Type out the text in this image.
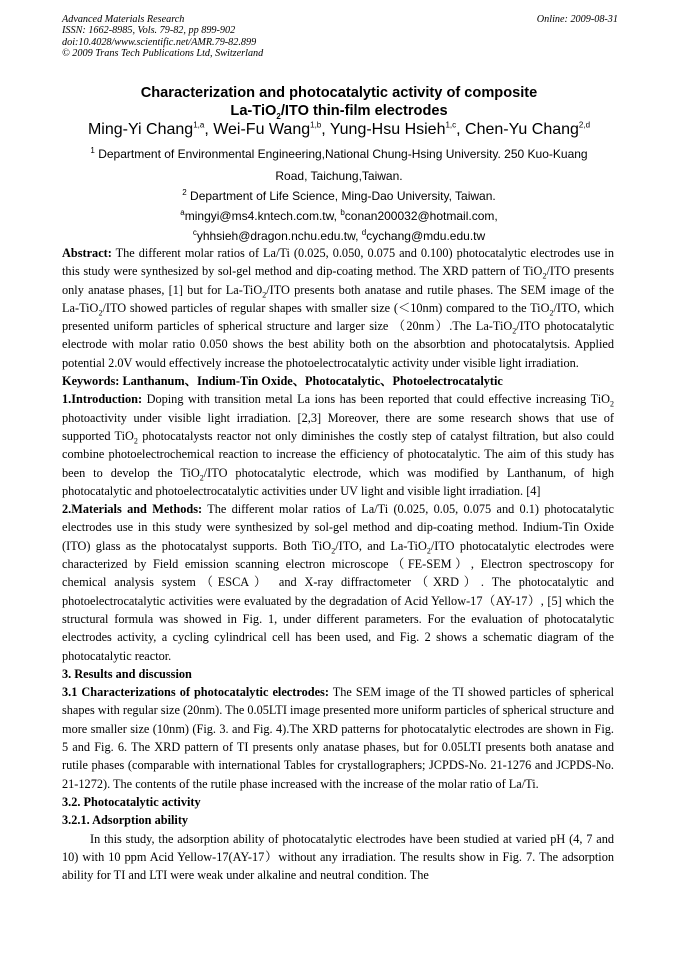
Advanced Materials Research
ISSN: 1662-8985, Vols. 79-82, pp 899-902
doi:10.4028/www.scientific.net/AMR.79-82.899
© 2009 Trans Tech Publications Ltd, Switzerland
Online: 2009-08-31
Characterization and photocatalytic activity of composite
La-TiO$_2$/ITO thin-film electrodes
Ming-Yi Chang$^{1,a}$, Wei-Fu Wang$^{1,b}$, Yung-Hsu Hsieh$^{1,c}$, Chen-Yu Chang$^{2,d}$
$^1$ Department of Environmental Engineering,National Chung-Hsing University. 250 Kuo-Kuang
Road, Taichung,Taiwan.
$^2$ Department of Life Science, Ming-Dao University, Taiwan.
$^a$mingyi@ms4.kntech.com.tw, $^b$conan200032@hotmail.com,
$^c$yhhsieh@dragon.nchu.edu.tw, $^d$cychang@mdu.edu.tw

Abstract: The different molar ratios of La/Ti (0.025, 0.050, 0.075 and 0.100) photocatalytic electrodes use in this study were synthesized by sol-gel method and dip-coating method. The XRD pattern of TiO$_2$/ITO presents only anatase phases, [1] but for La-TiO$_2$/ITO presents both anatase and rutile phases. The SEM image of the La-TiO$_2$/ITO showed particles of regular shapes with smaller size (＜10nm) compared to the TiO$_2$/ITO, which presented uniform particles of spherical structure and larger size （20nm）.The La-TiO$_2$/ITO photocatalytic electrode with molar ratio 0.050 shows the best ability both on the absorbtion and photocatalytsis. Applied potential 2.0V would effectively increase the photoelectrocatalytic activity under visible light irradiation.

Keywords: Lanthanum、Indium-Tin Oxide、Photocatalytic、Photoelectrocatalytic

1.Introduction: Doping with transition metal La ions has been reported that could effective increasing TiO$_2$ photoactivity under visible light irradiation. [2,3] Moreover, there are some research shows that use of supported TiO$_2$ photocatalysts reactor not only diminishes the costly step of catalyst filtration, but also could combine photoelectrochemical reaction to increase the efficiency of photocatalytic. The aim of this study has been to develop the TiO$_2$/ITO photocatalytic electrode, which was modified by Lanthanum, of high photocatalytic and photoelectrocatalytic activities under UV light and visible light irradiation. [4]

2.Materials and Methods: The different molar ratios of La/Ti (0.025, 0.05, 0.075 and 0.1) photocatalytic electrodes use in this study were synthesized by sol-gel method and dip-coating method. Indium-Tin Oxide (ITO) glass as the photocatalyst supports. Both TiO$_2$/ITO, and La-TiO$_2$/ITO photocatalytic electrodes were characterized by Field emission scanning electron microscope（FE-SEM）, Electron spectroscopy for chemical analysis system（ESCA） and X-ray diffractometer（XRD）. The photocatalytic and photoelectrocatalytic activities were evaluated by the degradation of Acid Yellow-17（AY-17）, [5] which the structural formula was showed in Fig. 1, under different parameters. For the evaluation of photocatalytic electrodes activity, a cycling cylindrical cell has been used, and Fig. 2 shows a schematic diagram of the photocatalytic reactor.

3. Results and discussion

3.1 Characterizations of photocatalytic electrodes: The SEM image of the TI showed particles of spherical shapes with regular size (20nm). The 0.05LTI image presented more uniform particles of spherical structure and more smaller size (10nm) (Fig. 3. and Fig. 4).The XRD patterns for photocatalytic electrodes are shown in Fig. 5 and Fig. 6. The XRD pattern of TI presents only anatase phases, but for 0.05LTI presents both anatase and rutile phases (comparable with international Tables for crystallographers; JCPDS-No. 21-1276 and JCPDS-No. 21-1272). The contents of the rutile phase increased with the increase of the molar ratio of La/Ti.

3.2. Photocatalytic activity

3.2.1. Adsorption ability

In this study, the adsorption ability of photocatalytic electrodes have been studied at varied pH (4, 7 and 10) with 10 ppm Acid Yellow-17(AY-17）without any irradiation. The results show in Fig. 7. The adsorption ability for TI and LTI were weak under alkaline and neutral condition. The
